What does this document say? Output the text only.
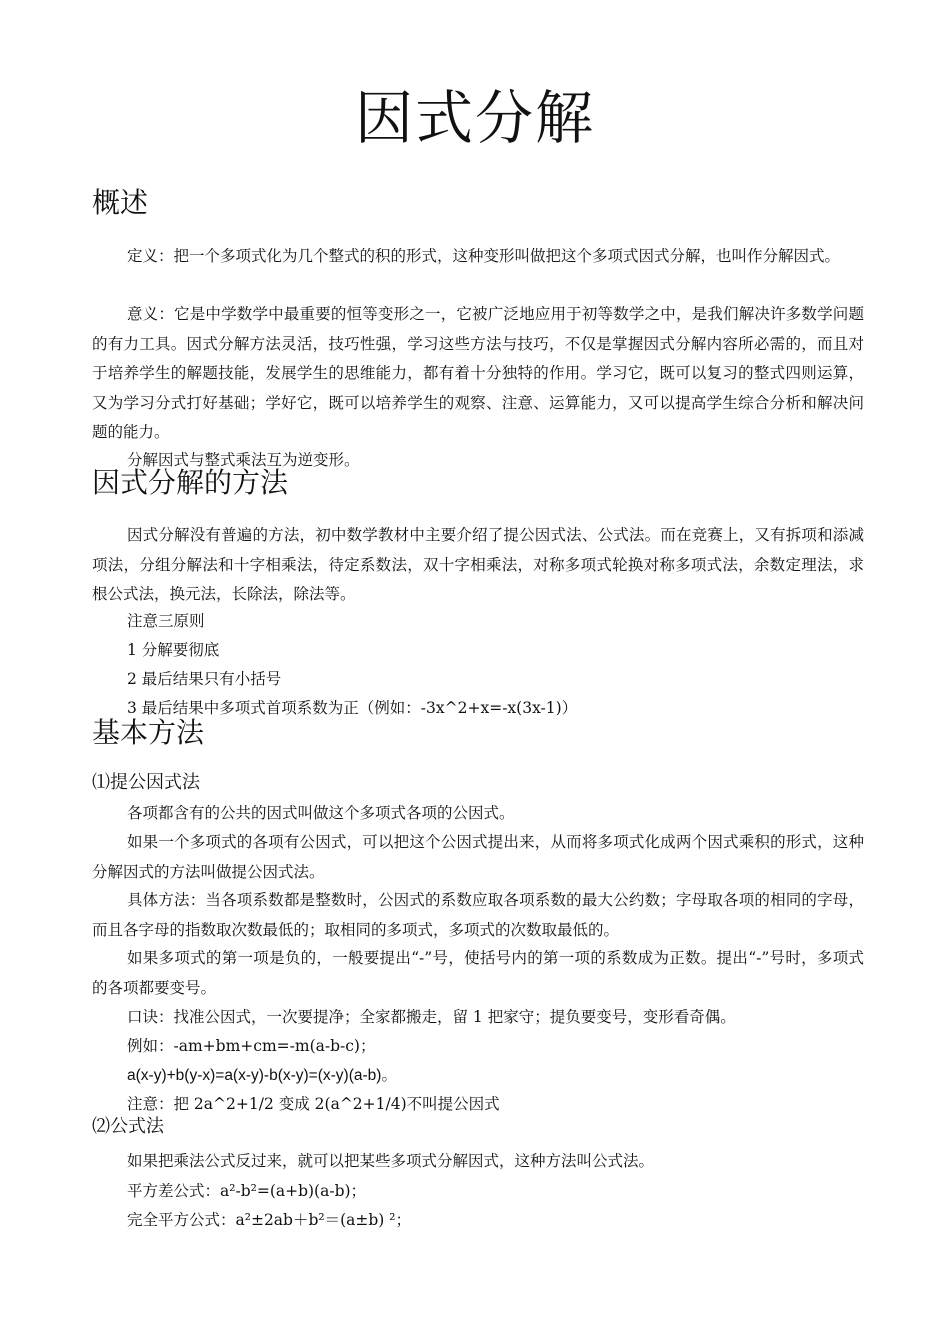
因式分解
概述

定义：把一个多项式化为几个整式的积的形式，这种变形叫做把这个多项式因式分解，也叫作分解因式。

意义：它是中学数学中最重要的恒等变形之一，它被广泛地应用于初等数学之中，是我们解决许多数学问题的有力工具。因式分解方法灵活，技巧性强，学习这些方法与技巧，不仅是掌握因式分解内容所必需的，而且对于培养学生的解题技能，发展学生的思维能力，都有着十分独特的作用。学习它，既可以复习的整式四则运算，又为学习分式打好基础；学好它，既可以培养学生的观察、注意、运算能力，又可以提高学生综合分析和解决问题的能力。

分解因式与整式乘法互为逆变形。

因式分解的方法

因式分解没有普遍的方法，初中数学教材中主要介绍了提公因式法、公式法。而在竞赛上，又有拆项和添减项法，分组分解法和十字相乘法，待定系数法，双十字相乘法，对称多项式轮换对称多项式法，余数定理法，求根公式法，换元法，长除法，除法等。

注意三原则

1 分解要彻底

2 最后结果只有小括号

3 最后结果中多项式首项系数为正（例如：-3x^2+x=-x(3x-1)）

基本方法
⑴提公因式法

各项都含有的公共的因式叫做这个多项式各项的公因式。

如果一个多项式的各项有公因式，可以把这个公因式提出来，从而将多项式化成两个因式乘积的形式，这种分解因式的方法叫做提公因式法。

具体方法：当各项系数都是整数时，公因式的系数应取各项系数的最大公约数；字母取各项的相同的字母，而且各字母的指数取次数最低的；取相同的多项式，多项式的次数取最低的。

如果多项式的第一项是负的，一般要提出“-”号，使括号内的第一项的系数成为正数。提出“-”号时，多项式的各项都要变号。

口诀：找准公因式，一次要提净；全家都搬走，留 1 把家守；提负要变号，变形看奇偶。

例如：-am+bm+cm=-m(a-b-c)；

a(x-y)+b(y-x)=a(x-y)-b(x-y)=(x-y)(a-b)。

注意：把 2a^2+1/2 变成 2(a^2+1/4)不叫提公因式

⑵公式法

如果把乘法公式反过来，就可以把某些多项式分解因式，这种方法叫公式法。

平方差公式：a²-b²=(a+b)(a-b)；

完全平方公式：a²±2ab＋b²＝(a±b) ²；
